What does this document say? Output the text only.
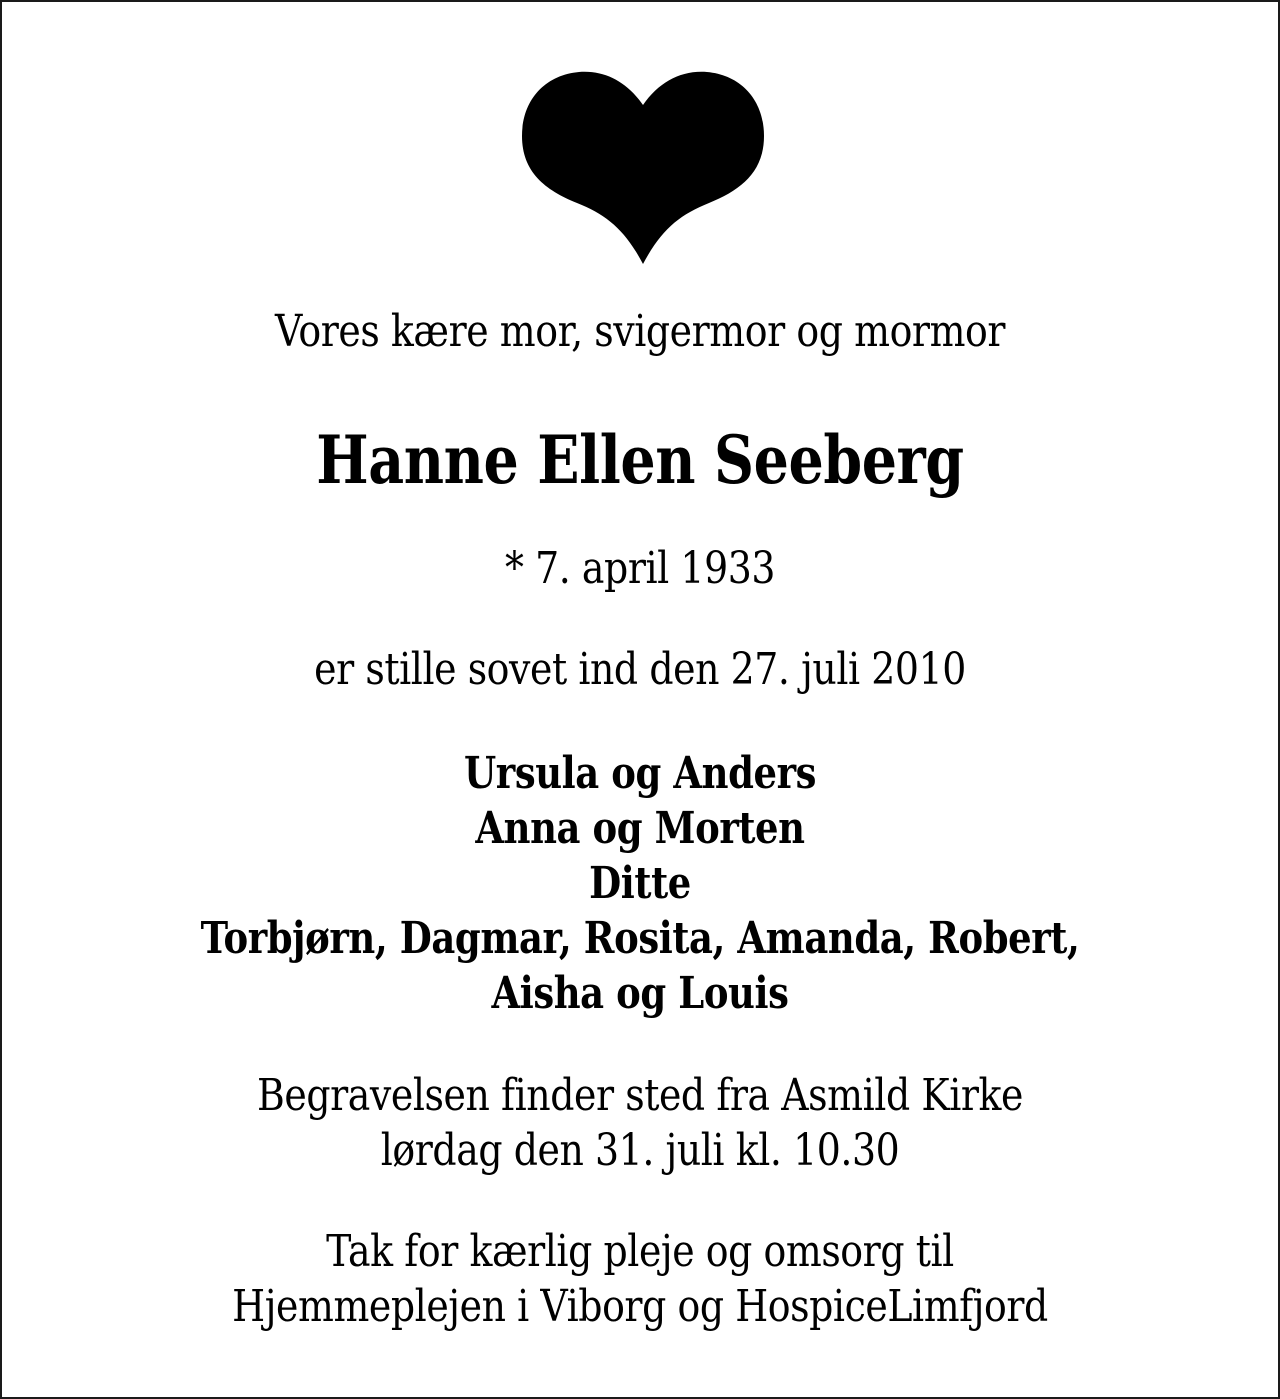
Vores kære mor, svigermor og mormor
Hanne Ellen Seeberg
* 7. april 1933
er stille sovet ind den 27. juli 2010
Ursula og Anders
Anna og Morten
Ditte
Torbjørn, Dagmar, Rosita, Amanda, Robert,
Aisha og Louis
Begravelsen finder sted fra Asmild Kirke
lørdag den 31. juli kl. 10.30
Tak for kærlig pleje og omsorg til
Hjemmeplejen i Viborg og HospiceLimfjord
